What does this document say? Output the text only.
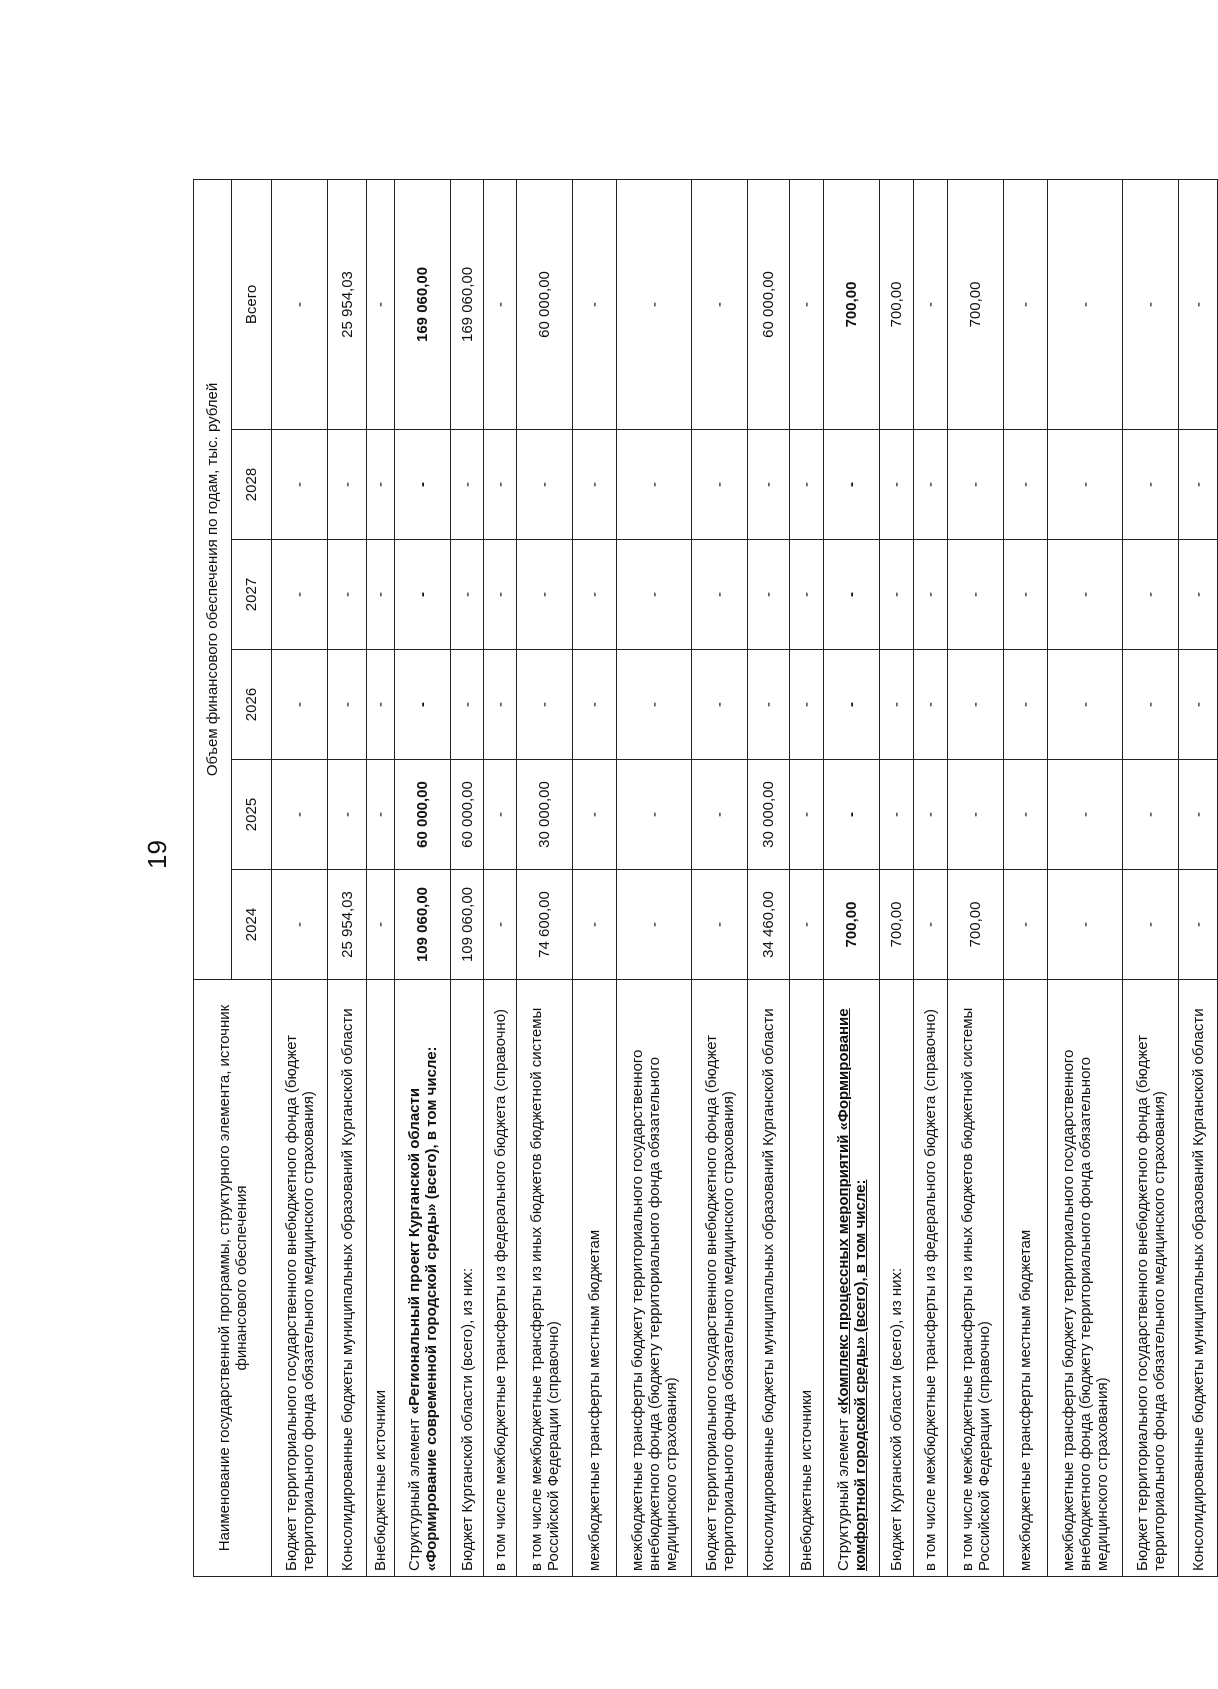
19
Наименование государственной программы, структурного элемента, источник финансового обеспечения	Объем финансового обеспечения по годам, тыс. рублей					
	2024	2025	2026	2027	2028	Всего
Бюджет территориального государственного внебюджетного фонда (бюджет территориального фонда обязательного медицинского страхования)	-	-	-	-	-	-
Консолидированные бюджеты муниципальных образований Курганской области	25 954,03	-	-	-	-	25 954,03
Внебюджетные источники	-	-	-	-	-	-
Структурный элемент «Региональный проект Курганской области «Формирование современной городской среды» (всего), в том числе:	109 060,00	60 000,00	-	-	-	169 060,00
Бюджет Курганской области (всего), из них:	109 060,00	60 000,00	-	-	-	169 060,00
в том числе межбюджетные трансферты из федерального бюджета (справочно)	-	-	-	-	-	-
в том числе межбюджетные трансферты из иных бюджетов бюджетной системы Российской Федерации (справочно)	74 600,00	30 000,00	-	-	-	60 000,00
межбюджетные трансферты местным бюджетам	-	-	-	-	-	-
межбюджетные трансферты бюджету территориального государственного внебюджетного фонда (бюджету территориального фонда обязательного медицинского страхования)	-	-	-	-	-	-
Бюджет территориального государственного внебюджетного фонда (бюджет территориального фонда обязательного медицинского страхования)	-	-	-	-	-	-
Консолидированные бюджеты муниципальных образований Курганской области	34 460,00	30 000,00	-	-	-	60 000,00
Внебюджетные источники	-	-	-	-	-	-
Структурный элемент «Комплекс процессных мероприятий «Формирование комфортной городской среды» (всего), в том числе:	700,00	-	-	-	-	700,00
Бюджет Курганской области (всего), из них:	700,00	-	-	-	-	700,00
в том числе межбюджетные трансферты из федерального бюджета (справочно)	-	-	-	-	-	-
в том числе межбюджетные трансферты из иных бюджетов бюджетной системы Российской Федерации (справочно)	700,00	-	-	-	-	700,00
межбюджетные трансферты местным бюджетам	-	-	-	-	-	-
межбюджетные трансферты бюджету территориального государственного внебюджетного фонда (бюджету территориального фонда обязательного медицинского страхования)	-	-	-	-	-	-
Бюджет территориального государственного внебюджетного фонда (бюджет территориального фонда обязательного медицинского страхования)	-	-	-	-	-	-
Консолидированные бюджеты муниципальных образований Курганской области	-	-	-	-	-	-
